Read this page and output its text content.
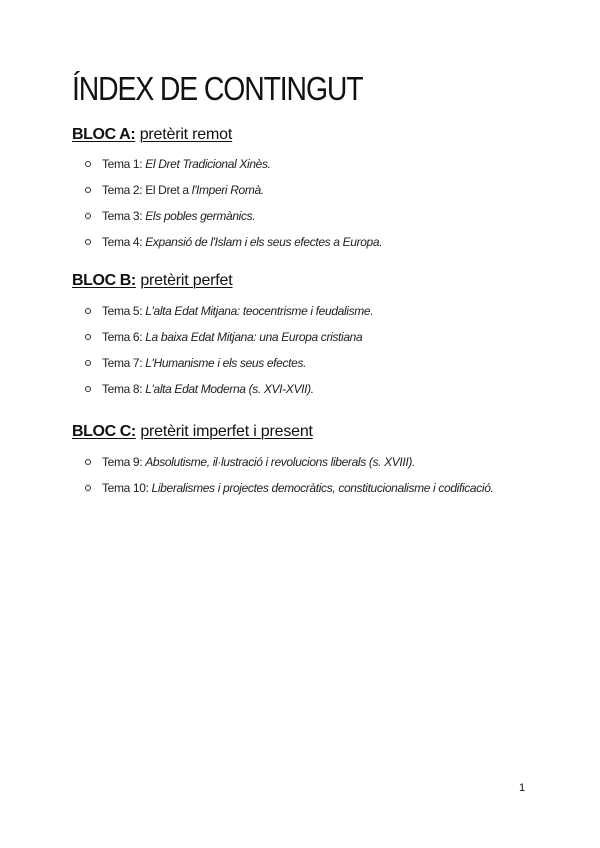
ÍNDEX DE CONTINGUT
BLOC A: pretèrit remot
Tema 1: El Dret Tradicional Xinès.
Tema 2: El Dret a l'Imperi Romà.
Tema 3: Els pobles germànics.
Tema 4: Expansió de l'Islam i els seus efectes a Europa.
BLOC B: pretèrit perfet
Tema 5: L'alta Edat Mitjana: teocentrisme i feudalisme.
Tema 6: La baixa Edat Mitjana: una Europa cristiana
Tema 7: L'Humanisme i els seus efectes.
Tema 8: L'alta Edat Moderna (s. XVI-XVII).
BLOC C: pretèrit imperfet i present
Tema 9: Absolutisme, il·lustració i revolucions liberals (s. XVIII).
Tema 10: Liberalismes i projectes democràtics, constitucionalisme i codificació.
1
